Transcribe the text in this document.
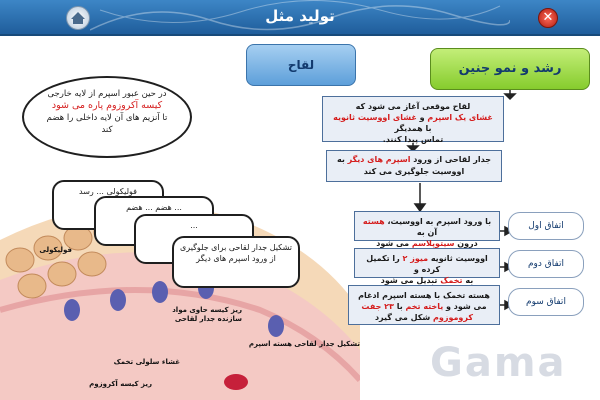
تولید مثل	✕
رشد و نمو جنین
لقاح
در حین عبور اسپرم از لایه خارجی
کیسه آکروزوم پاره می شود
تا آنزیم های آن لایه داخلی را هضم کند
فولیکولی ... رسد
... هضم ... هضم
...
تشکیل جدار لقاحی برای جلوگیری از ورود اسپرم های دیگر
لقاح موقعی آغاز می شود که
غشای یک اسپرم و غشای اووسیت ثانویه با همدیگر
تماس پیدا کنند.
جدار لقاحی از ورود اسپرم های دیگر به اووسیت جلوگیری می کند
با ورود اسپرم به اووسیت، هسته آن به
درون سیتوپلاسم می شود
اووسیت ثانویه میوز ۲ را تکمیل کرده و
به تخمک تبدیل می شود
هسته تخمک با هسته اسپرم ادغام
می شود و یاخته تخم با ۲۳ جفت
کروموزوم شکل می گیرد
اتفاق اول
اتفاق دوم
اتفاق سوم
فولیکولی
ریز کیسه حاوی مواد سازنده جدار لقاحی
هسته اسپرم تشکیل جدار لقاحی
غشاء سلولی تخمک
ریز کیسه آکروزوم	Gama
